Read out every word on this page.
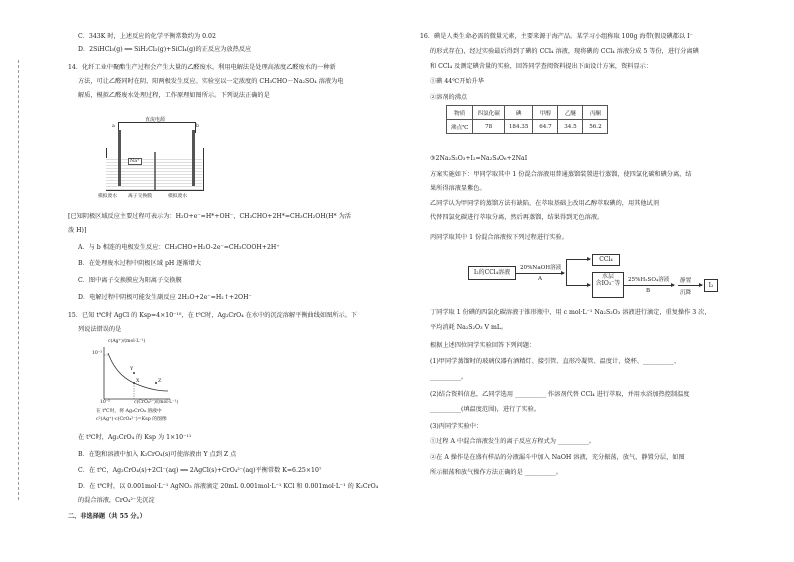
C．343K 时，上述反应的化学平衡常数约为 0.02
D．2SiHCl₃(g) ══ SiH₂Cl₂(g)+SiCl₄(g)的正反应为放热反应
14．化纤工业中聚酯生产过程会产生大量的乙醛废水，利用电解法是处理高浓度乙醛废水的一种新
方法，可让乙醛同时在阴、阳两极发生反应。实验室以一定浓度的 CH₃CHO－Na₂SO₄ 溶液为电
解质，模拟乙醛废水处理过程，工作原理如图所示。下列说法正确的是
[已知阴极区域反应主要过程可表示为：H₂O+e⁻=H*+OH⁻，CH₃CHO+2H*=CH₃CH₂OH(H* 为活
泼 H)]
A．与 b 相连的电极发生反应：CH₃CHO+H₂O-2e⁻=CH₃COOH+2H⁺
B．在处理废水过程中阴极区域 pH 逐渐增大
C．图中离子交换膜应为阳离子交换膜
D．电解过程中阴极可能发生副反应 2H₂O+2e⁻=H₂↑+2OH⁻
15．已知 t℃时 AgCl 的 Ksp=4×10⁻¹⁰，在 t℃时，Ag₂CrO₄ 在水中的沉淀溶解平衡曲线如图所示。下
列说法错误的是
在 t℃时，Ag₂CrO₄ 的 Ksp 为 1×10⁻¹¹
B．在饱和溶液中加入 K₂CrO₄(s)可使溶液由 Y 点到 Z 点
C．在 t℃，Ag₂CrO₄(s)+2Cl⁻(aq) ══ 2AgCl(s)+CrO₄²⁻(aq)平衡常数 K=6.25×10⁷
D．在 t℃时，以 0.001mol·L⁻¹ AgNO₃ 溶液滴定 20mL 0.001mol·L⁻¹ KCl 和 0.001mol·L⁻¹ 的 K₂CrO₄
的混合溶液，CrO₄²⁻先沉淀
二、非选择题（共 55 分。）
直流电源
a	b
Na⁺
模拟废水 离子交换膜	模拟废水
c(Ag⁺)/(mol·L⁻¹)
10⁻³
10⁻⁵	c(CrO₄²⁻)/(mol·L⁻¹)
X
Y
Z
在 t℃时，将 Ag₂CrO₄ 溶液中
c²(Ag⁺)·c(CrO₄²⁻)=Ksp 的图像
16．碘是人类生命必需的微量元素，主要来源于海产品。某学习小组称取 100g 海带(假设碘都以 I⁻
的形式存在)，经过实验最后得到了碘的 CCl₄ 溶液，现将碘的 CCl₄ 溶液分成 5 等份，进行分离碘
和 CCl₄ 及测定碘含量的实验，回答同学查阅资料提出下面设计方案，资料显示：
①碘 44℃开始升华
②溶剂的沸点
③2Na₂S₂O₃+I₂=Na₂S₄O₆+2NaI
方案实施如下：甲同学取其中 1 份混合溶液用普通蒸馏装置进行蒸馏，使四氯化碳和碘分离，结
果所得溶液显紫色。
乙同学认为甲同学的蒸馏方法有缺陷，在萃取基础上改用乙醇萃取碘的，用其他试剂
代替四氯化碳进行萃取分离，然后再蒸馏，结果得到无色溶液。
丙同学取其中 1 份混合溶液按下列过程进行实验。
丁同学取 1 份碘的四氯化碳溶液于锥形瓶中，用 c mol·L⁻¹ Na₂S₂O₃ 溶液进行滴定，重复操作 3 次，
平均消耗 Na₂S₂O₃ V mL。
根据上述四位同学实验回答下列问题：
(1)甲同学蒸馏时的玻璃仪器有酒精灯、接引管、直形冷凝管、温度计、烧杯、__________、
__________。
(2)结合资料信息，乙同学选用 __________ 作溶剂代替 CCl₄ 进行萃取，并用水浴加热控制温度
__________(填温度范围)，进行了实验。
(3)丙同学实验中：
①过程 A 中混合溶液发生的离子反应方程式为 __________。
②在 A 操作是在盛有样品的分液漏斗中加入 NaOH 溶液，充分振荡，放气，静置分层，如图
所示振荡和放气操作方法正确的是 __________。
物质	四氯化碳	碘	甲醇	乙醚	丙酮
沸点℃	78	184.35	64.7	34.5	56.2
I₂的CCl₄溶液
20%NaOH溶液
A
CCl₄
水层
含IO₃⁻等
25%H₂SO₄溶液
B
静置
沉降
I₂
